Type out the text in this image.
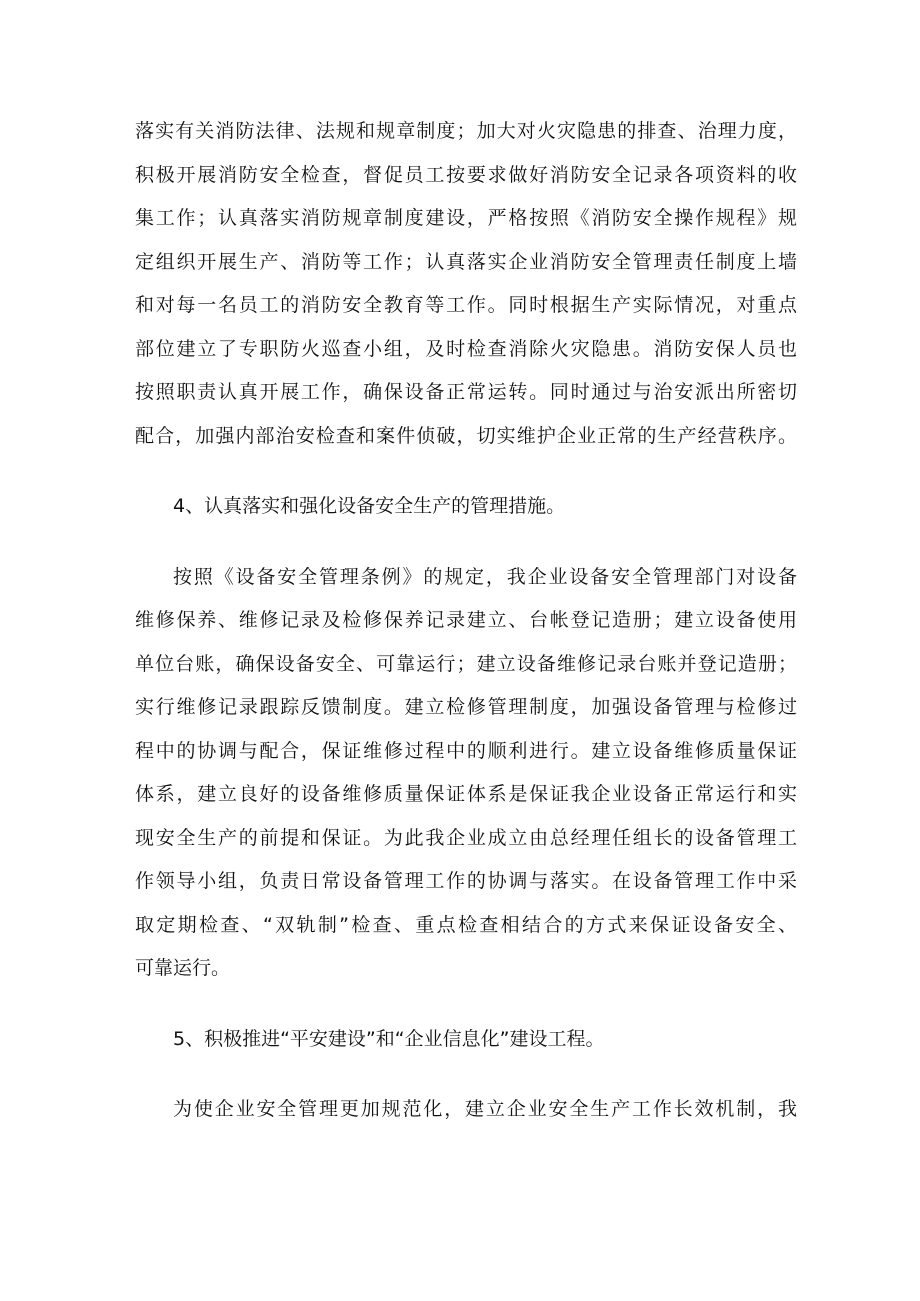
落实有关消防法律、法规和规章制度；加大对火灾隐患的排查、治理力度，
积极开展消防安全检查，督促员工按要求做好消防安全记录各项资料的收
集工作；认真落实消防规章制度建设，严格按照《消防安全操作规程》规
定组织开展生产、消防等工作；认真落实企业消防安全管理责任制度上墙
和对每一名员工的消防安全教育等工作。同时根据生产实际情况，对重点
部位建立了专职防火巡查小组，及时检查消除火灾隐患。消防安保人员也
按照职责认真开展工作，确保设备正常运转。同时通过与治安派出所密切
配合，加强内部治安检查和案件侦破，切实维护企业正常的生产经营秩序。
4、认真落实和强化设备安全生产的管理措施。
按照《设备安全管理条例》的规定，我企业设备安全管理部门对设备
维修保养、维修记录及检修保养记录建立、台帐登记造册；建立设备使用
单位台账，确保设备安全、可靠运行；建立设备维修记录台账并登记造册；
实行维修记录跟踪反馈制度。建立检修管理制度，加强设备管理与检修过
程中的协调与配合，保证维修过程中的顺利进行。建立设备维修质量保证
体系，建立良好的设备维修质量保证体系是保证我企业设备正常运行和实
现安全生产的前提和保证。为此我企业成立由总经理任组长的设备管理工
作领导小组，负责日常设备管理工作的协调与落实。在设备管理工作中采
取定期检查、“双轨制”检查、重点检查相结合的方式来保证设备安全、
可靠运行。
5、积极推进“平安建设”和“企业信息化”建设工程。
为使企业安全管理更加规范化，建立企业安全生产工作长效机制，我
